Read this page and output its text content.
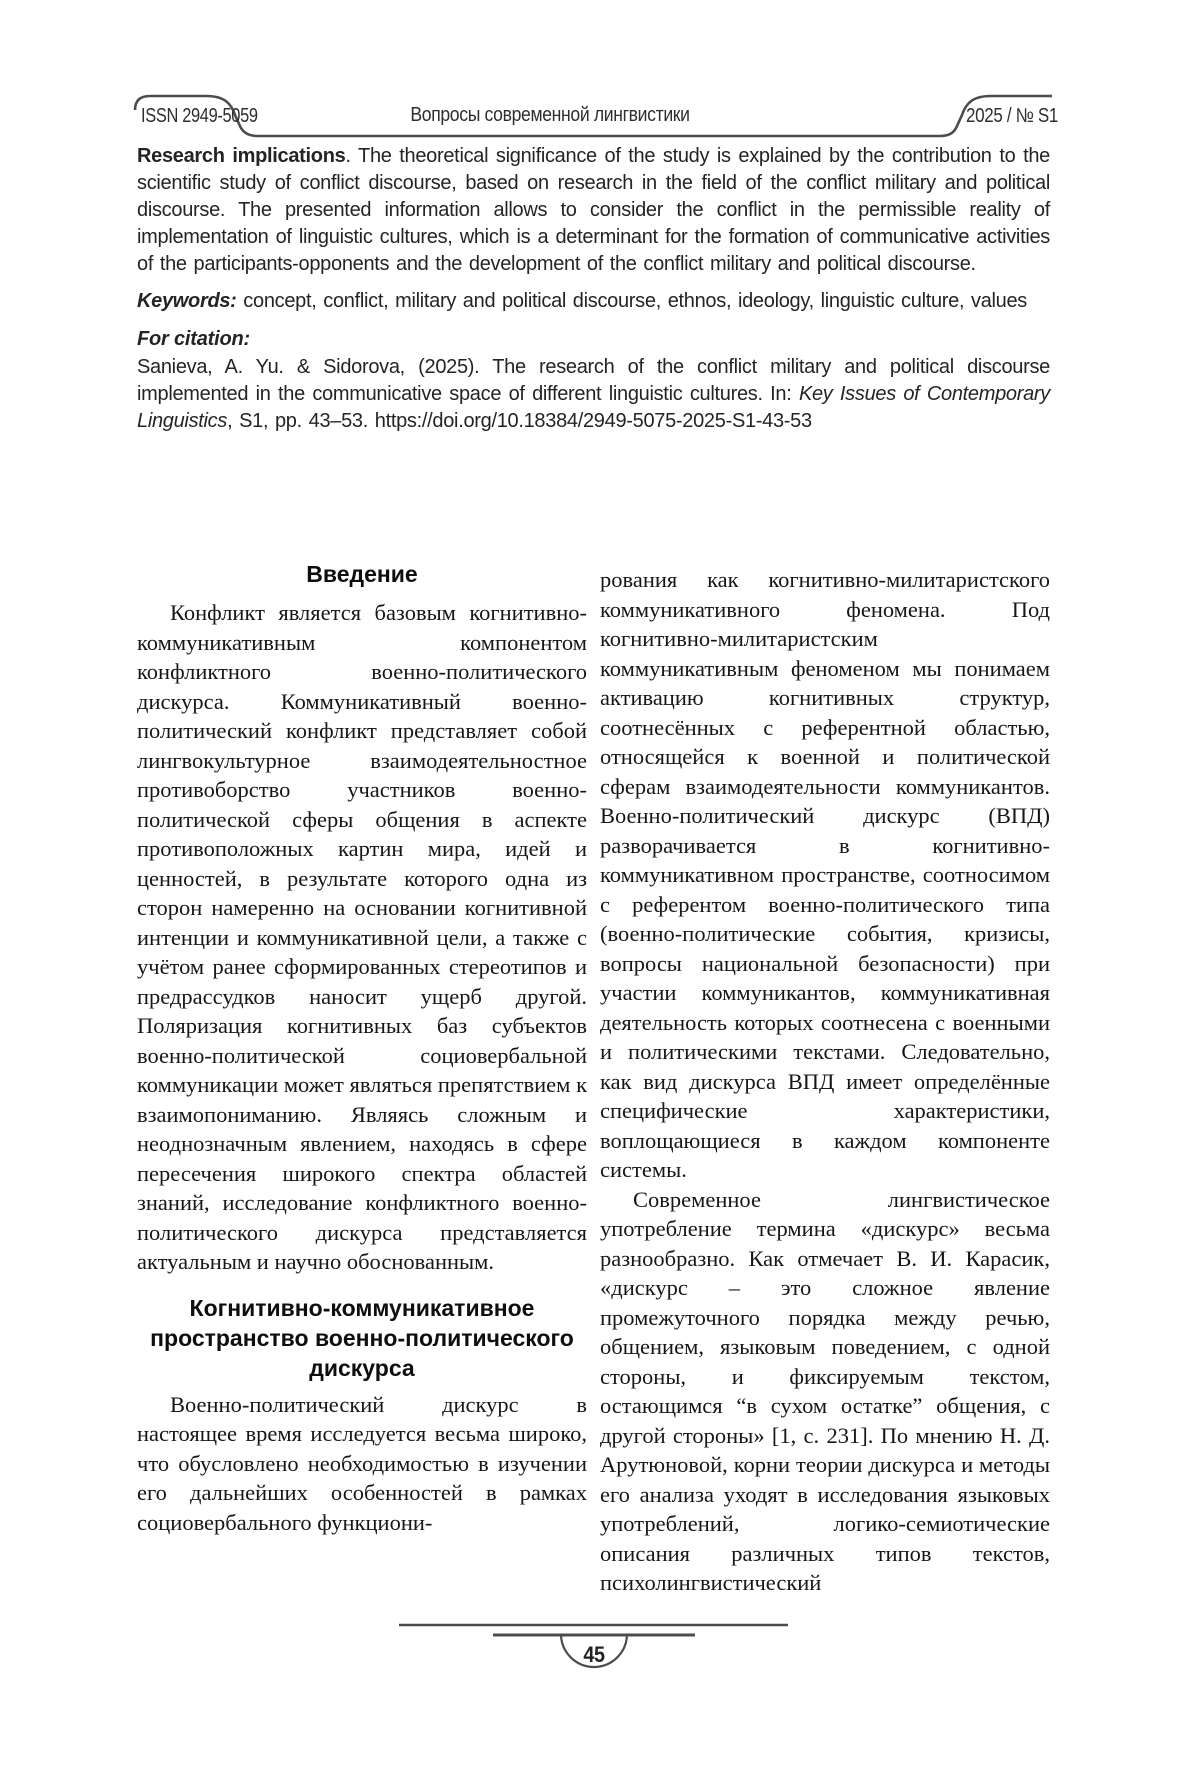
ISSN 2949-5059	Вопросы современной лингвистики	2025 / № S1

Research implications. The theoretical significance of the study is explained by the contribution to the scientific study of conflict discourse, based on research in the field of the conflict military and political discourse. The presented information allows to consider the conflict in the permissible reality of implementation of linguistic cultures, which is a determinant for the formation of communicative activities of the participants-opponents and the development of the conflict military and political discourse.

Keywords: concept, conflict, military and political discourse, ethnos, ideology, linguistic culture, values

For citation:

Sanieva, A. Yu. & Sidorova, (2025). The research of the conflict military and political discourse implemented in the communicative space of different linguistic cultures. In: Key Issues of Contemporary Linguistics, S1, pp. 43–53. https://doi.org/10.18384/2949-5075-2025-S1-43-53

Введение

Конфликт является базовым когнитивно-коммуникативным компонентом конфликтного военно-политического дискурса. Коммуникативный военно-политический конфликт представляет собой лингвокультурное взаимодеятельностное противоборство участников военно-политической сферы общения в аспекте противоположных картин мира, идей и ценностей, в результате которого одна из сторон намеренно на основании когнитивной интенции и коммуникативной цели, а также с учётом ранее сформированных стереотипов и предрассудков наносит ущерб другой. Поляризация когнитивных баз субъектов военно-политической социовербальной коммуникации может являться препятствием к взаимопониманию. Являясь сложным и неоднозначным явлением, находясь в сфере пересечения широкого спектра областей знаний, исследование конфликтного военно-политического дискурса представляется актуальным и научно обоснованным.

Когнитивно-коммуникативное пространство военно-политического дискурса

Военно-политический дискурс в настоящее время исследуется весьма широко, что обусловлено необходимостью в изучении его дальнейших особенностей в рамках социовербального функциони-

рования как когнитивно-милитаристского коммуникативного феномена. Под когнитивно-милитаристским коммуникативным феноменом мы понимаем активацию когнитивных структур, соотнесённых с референтной областью, относящейся к военной и политической сферам взаимодеятельности коммуникантов. Военно-политический дискурс (ВПД) разворачивается в когнитивно-коммуникативном пространстве, соотносимом с референтом военно-политического типа (военно-политические события, кризисы, вопросы национальной безопасности) при участии коммуникантов, коммуникативная деятельность которых соотнесена с военными и политическими текстами. Следовательно, как вид дискурса ВПД имеет определённые специфические характеристики, воплощающиеся в каждом компоненте системы.

Современное лингвистическое употребление термина «дискурс» весьма разнообразно. Как отмечает В. И. Карасик, «дискурс – это сложное явление промежуточного порядка между речью, общением, языковым поведением, с одной стороны, и фиксируемым текстом, остающимся “в сухом остатке” общения, с другой стороны» [1, с. 231]. По мнению Н. Д. Арутюновой, корни теории дискурса и методы его анализа уходят в исследования языковых употреблений, логико-семиотические описания различных типов текстов, психолингвистический

45
